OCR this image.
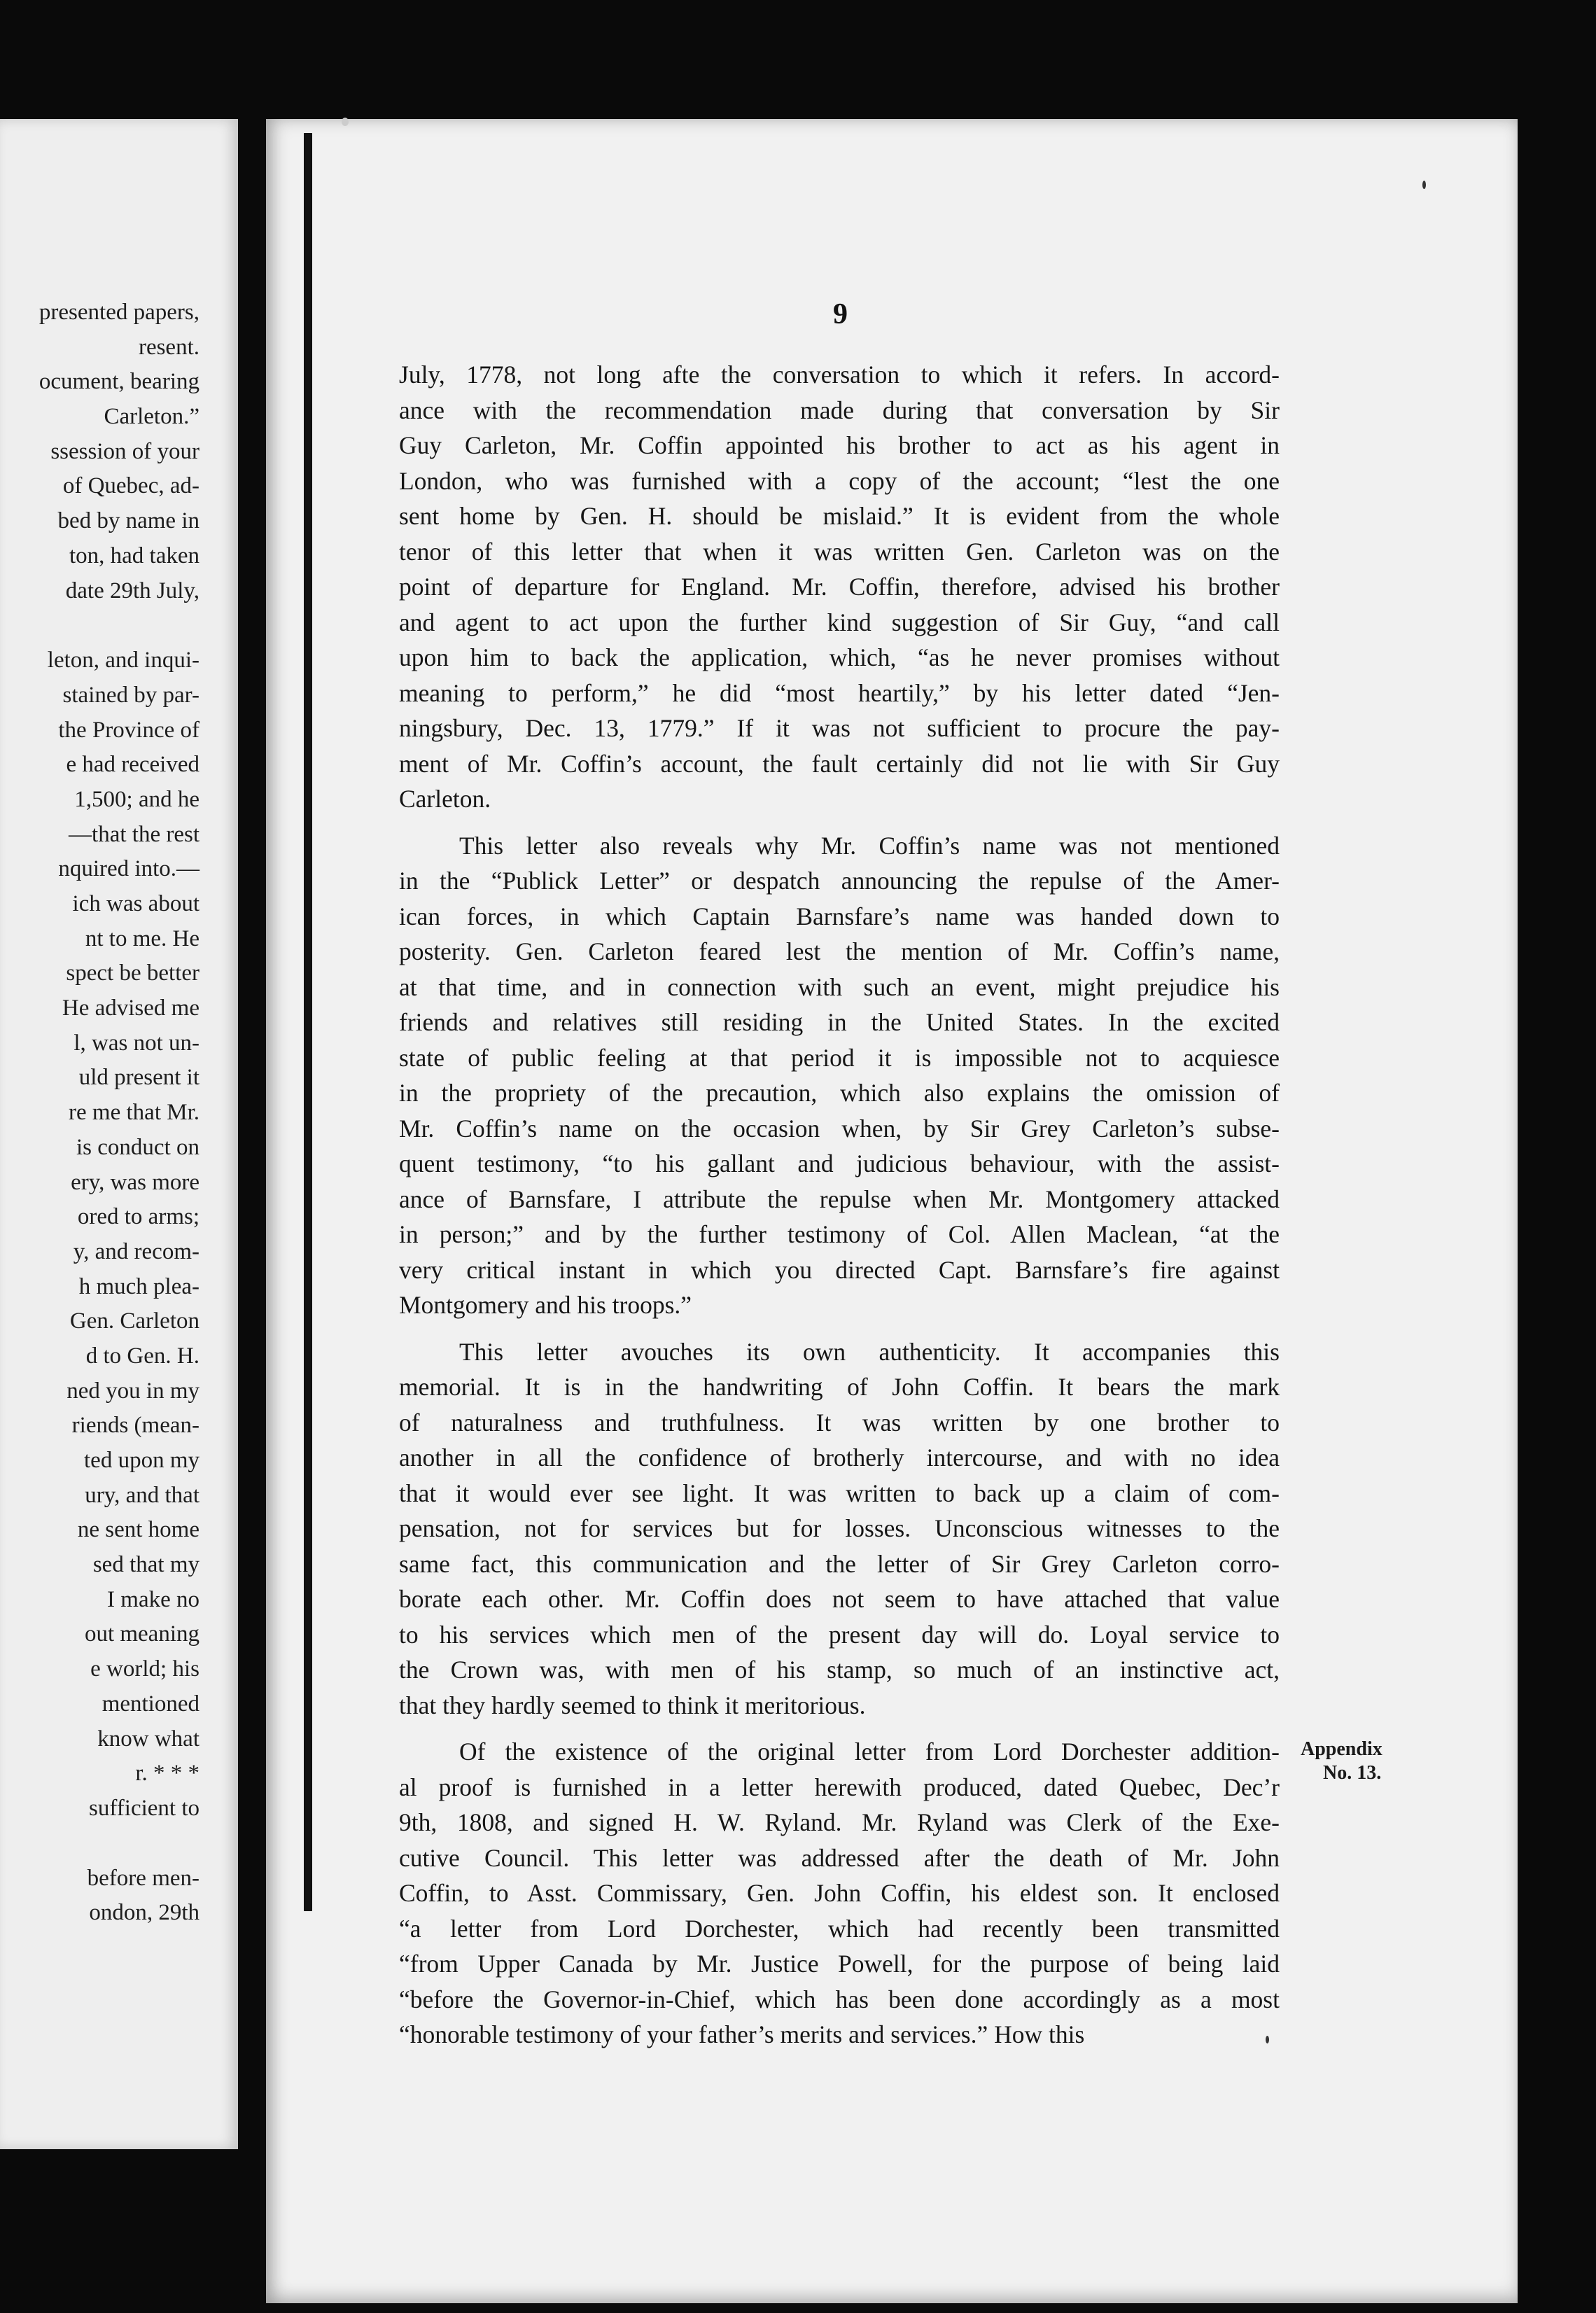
presented papers,
resent.
ocument, bearing
Carleton.”
ssession of your
of Quebec, ad-
bed by name in
ton, had taken
date 29th July,
leton, and inqui-
stained by par-
the Province of
e had received
1,500; and he
—that the rest
nquired into.—
ich was about
nt to me. He
spect be better
He advised me
l, was not un-
uld present it
re me that Mr.
is conduct on
ery, was more
ored to arms;
y, and recom-
h much plea-
Gen. Carleton
d to Gen. H.
ned you in my
riends (mean-
ted upon my
ury, and that
ne sent home
sed that my
I make no
out meaning
e world; his
mentioned
know what
r. * * *
sufficient to
before men-
ondon, 29th
9
July, 1778, not long afte the conversation to which it refers. In accord-
ance with the recommendation made during that conversation by Sir
Guy Carleton, Mr. Coffin appointed his brother to act as his agent in
London, who was furnished with a copy of the account; “lest the one
sent home by Gen. H. should be mislaid.” It is evident from the whole
tenor of this letter that when it was written Gen. Carleton was on the
point of departure for England. Mr. Coffin, therefore, advised his brother
and agent to act upon the further kind suggestion of Sir Guy, “and call
upon him to back the application, which, “as he never promises without
meaning to perform,” he did “most heartily,” by his letter dated “Jen-
ningsbury, Dec. 13, 1779.” If it was not sufficient to procure the pay-
ment of Mr. Coffin’s account, the fault certainly did not lie with Sir Guy
Carleton.
This letter also reveals why Mr. Coffin’s name was not mentioned
in the “Publick Letter” or despatch announcing the repulse of the Amer-
ican forces, in which Captain Barnsfare’s name was handed down to
posterity. Gen. Carleton feared lest the mention of Mr. Coffin’s name,
at that time, and in connection with such an event, might prejudice his
friends and relatives still residing in the United States. In the excited
state of public feeling at that period it is impossible not to acquiesce
in the propriety of the precaution, which also explains the omission of
Mr. Coffin’s name on the occasion when, by Sir Grey Carleton’s subse-
quent testimony, “to his gallant and judicious behaviour, with the assist-
ance of Barnsfare, I attribute the repulse when Mr. Montgomery attacked
in person;” and by the further testimony of Col. Allen Maclean, “at the
very critical instant in which you directed Capt. Barnsfare’s fire against
Montgomery and his troops.”
This letter avouches its own authenticity. It accompanies this
memorial. It is in the handwriting of John Coffin. It bears the mark
of naturalness and truthfulness. It was written by one brother to
another in all the confidence of brotherly intercourse, and with no idea
that it would ever see light. It was written to back up a claim of com-
pensation, not for services but for losses. Unconscious witnesses to the
same fact, this communication and the letter of Sir Grey Carleton corro-
borate each other. Mr. Coffin does not seem to have attached that value
to his services which men of the present day will do. Loyal service to
the Crown was, with men of his stamp, so much of an instinctive act,
that they hardly seemed to think it meritorious.
Of the existence of the original letter from Lord Dorchester addition-
al proof is furnished in a letter herewith produced, dated Quebec, Dec’r
9th, 1808, and signed H. W. Ryland. Mr. Ryland was Clerk of the Exe-
cutive Council. This letter was addressed after the death of Mr. John
Coffin, to Asst. Commissary, Gen. John Coffin, his eldest son. It enclosed
“a letter from Lord Dorchester, which had recently been transmitted
“from Upper Canada by Mr. Justice Powell, for the purpose of being laid
“before the Governor-in-Chief, which has been done accordingly as a most
“honorable testimony of your father’s merits and services.” How this
Appendix
No. 13.
